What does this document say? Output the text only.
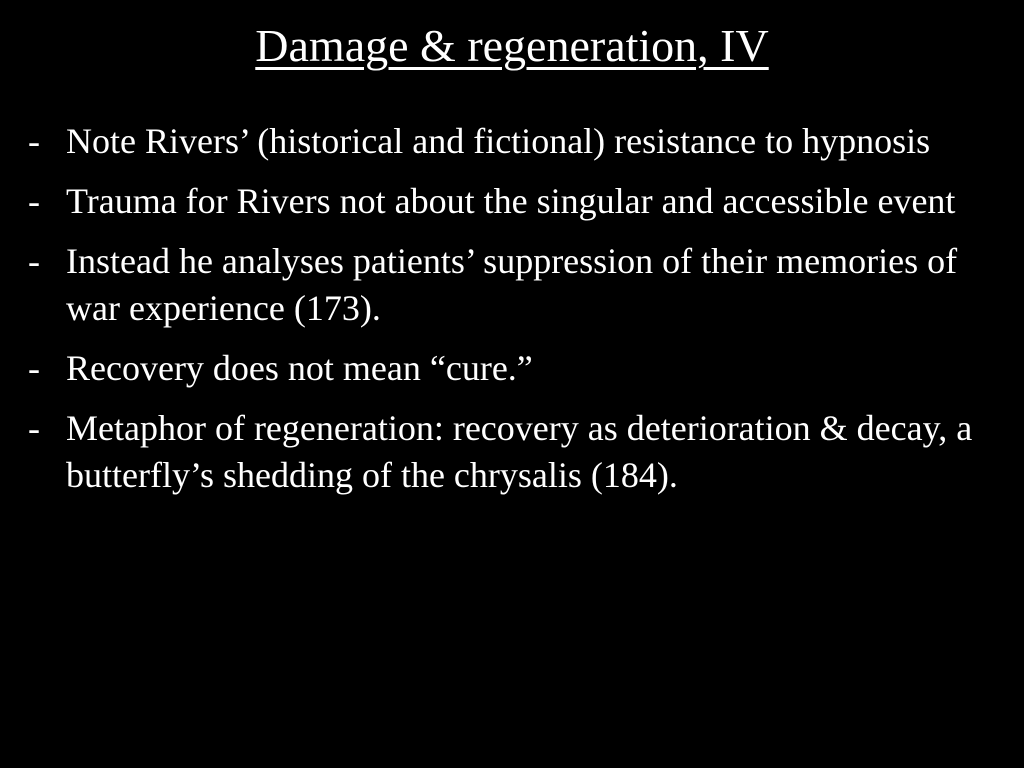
Damage & regeneration, IV
- Note Rivers’ (historical and fictional) resistance to hypnosis
- Trauma for Rivers not about the singular and accessible event
- Instead he analyses patients’ suppression of their memories of war experience (173).
- Recovery does not mean “cure.”
- Metaphor of regeneration: recovery as deterioration & decay, a butterfly’s shedding of the chrysalis (184).
